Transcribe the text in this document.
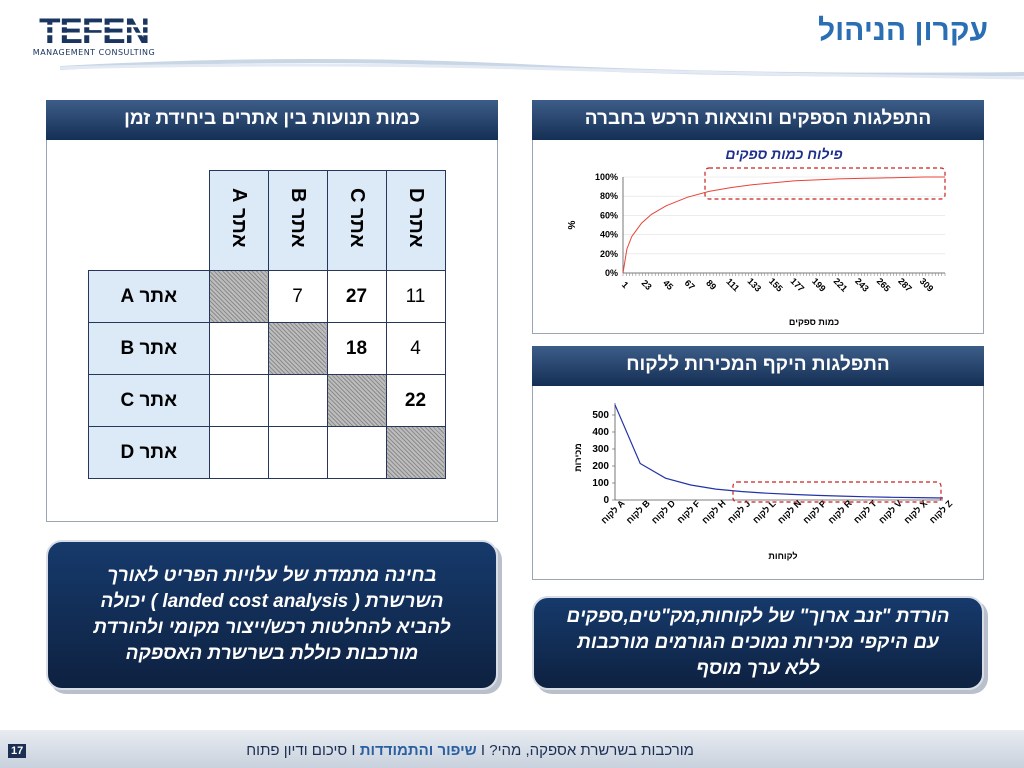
TEFEN
MANAGEMENT CONSULTING
עקרון הניהול
כמות תנועות בין אתרים ביחידת זמן
	אתר A	אתר B	אתר C	אתר D
אתר A		7	27	11
אתר B			18	4
אתר C				22
אתר D				
התפלגות הספקים והוצאות הרכש בחברה
פילוח כמות ספקים
0%
20%
40%
60%
80%
100%
1 23 45 67 89 111 133 155 177 199 221 243 265 287 309
כמות ספקים
%
התפלגות היקף המכירות ללקוח
0
100
200
300
400
500
לקוח A
לקוח B
לקוח D
לקוח F
לקוח H
לקוח J
לקוח L
לקוח N
לקוח P
לקוח R
לקוח T
לקוח V
לקוח X
לקוח Z
לקוחות
מכירות
בחינה מתמדת של עלויות הפריט לאורך השרשרת ( landed cost analysis ) יכולה להביא להחלטות רכש/ייצור מקומי ולהורדת מורכבות כוללת בשרשרת האספקה
הורדת "זנב ארוך" של לקוחות,מק"טים,ספקים עם היקפי מכירות נמוכים הגורמים מורכבות ללא ערך מוסף
מורכבות בשרשרת אספקה, מהי? I שיפור והתמודדות I סיכום ודיון פתוח
17
